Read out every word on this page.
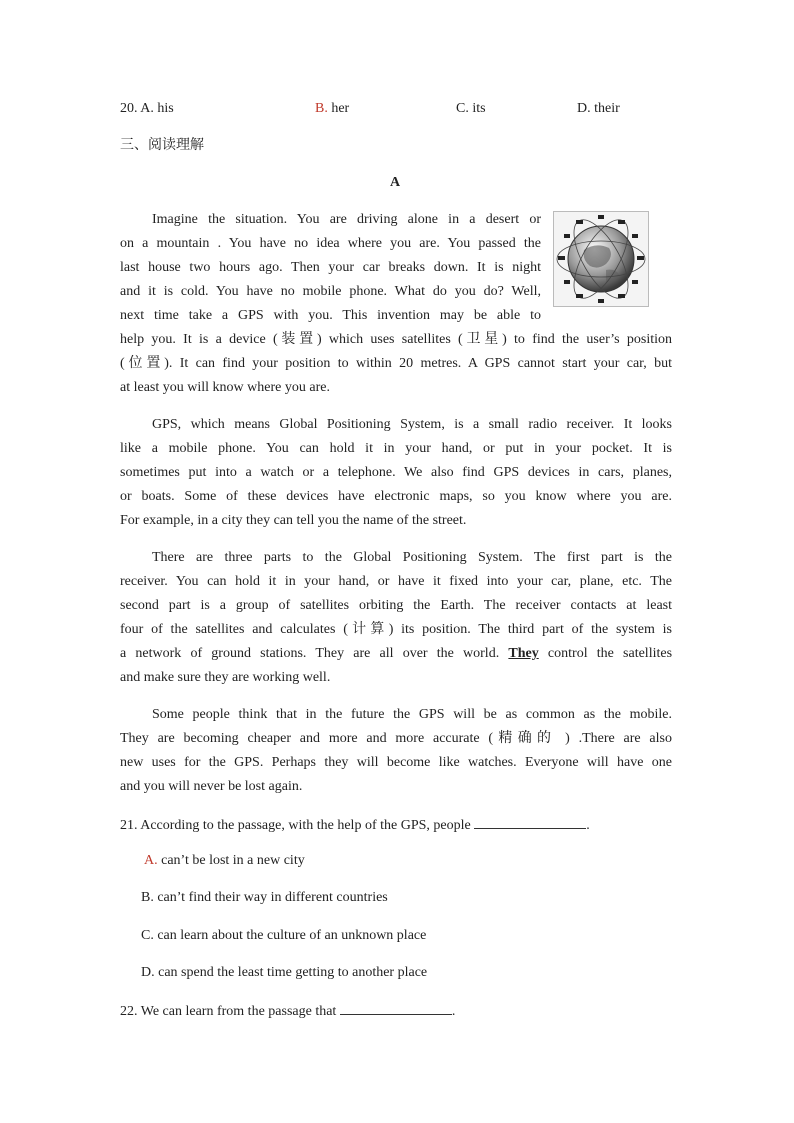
20. A. his	B. her	C. its	D. their
三、阅读理解
A
Imagine the situation. You are driving alone in a desert or
on a mountain . You have no idea where you are. You passed the
last house two hours ago. Then your car breaks down. It is night
and it is cold. You have no mobile phone. What do you do? Well,
next time take a GPS with you. This invention may be able to
help you. It is a device (装置) which uses satellites (卫星) to find the user’s position
(位置). It can find your position to within 20 metres. A GPS cannot start your car, but
at least you will know where you are.
GPS, which means Global Positioning System, is a small radio receiver. It looks
like a mobile phone. You can hold it in your hand, or put in your pocket. It is
sometimes put into a watch or a telephone. We also find GPS devices in cars, planes,
or boats. Some of these devices have electronic maps, so you know where you are.
For example, in a city they can tell you the name of the street.
There are three parts to the Global Positioning System. The first part is the
receiver. You can hold it in your hand, or have it fixed into your car, plane, etc. The
second part is a group of satellites orbiting the Earth. The receiver contacts at least
four of the satellites and calculates (计算) its position. The third part of the system is
a network of ground stations. They are all over the world. They control the satellites
and make sure they are working well.
Some people think that in the future the GPS will be as common as the mobile.
They are becoming cheaper and more and more accurate (精确的 ) .There are also
new uses for the GPS. Perhaps they will become like watches. Everyone will have one
and you will never be lost again.
21. According to the passage, with the help of the GPS, people	.
A. can’t be lost in a new city
B. can’t find their way in different countries
C. can learn about the culture of an unknown place
D. can spend the least time getting to another place
22. We can learn from the passage that	.
